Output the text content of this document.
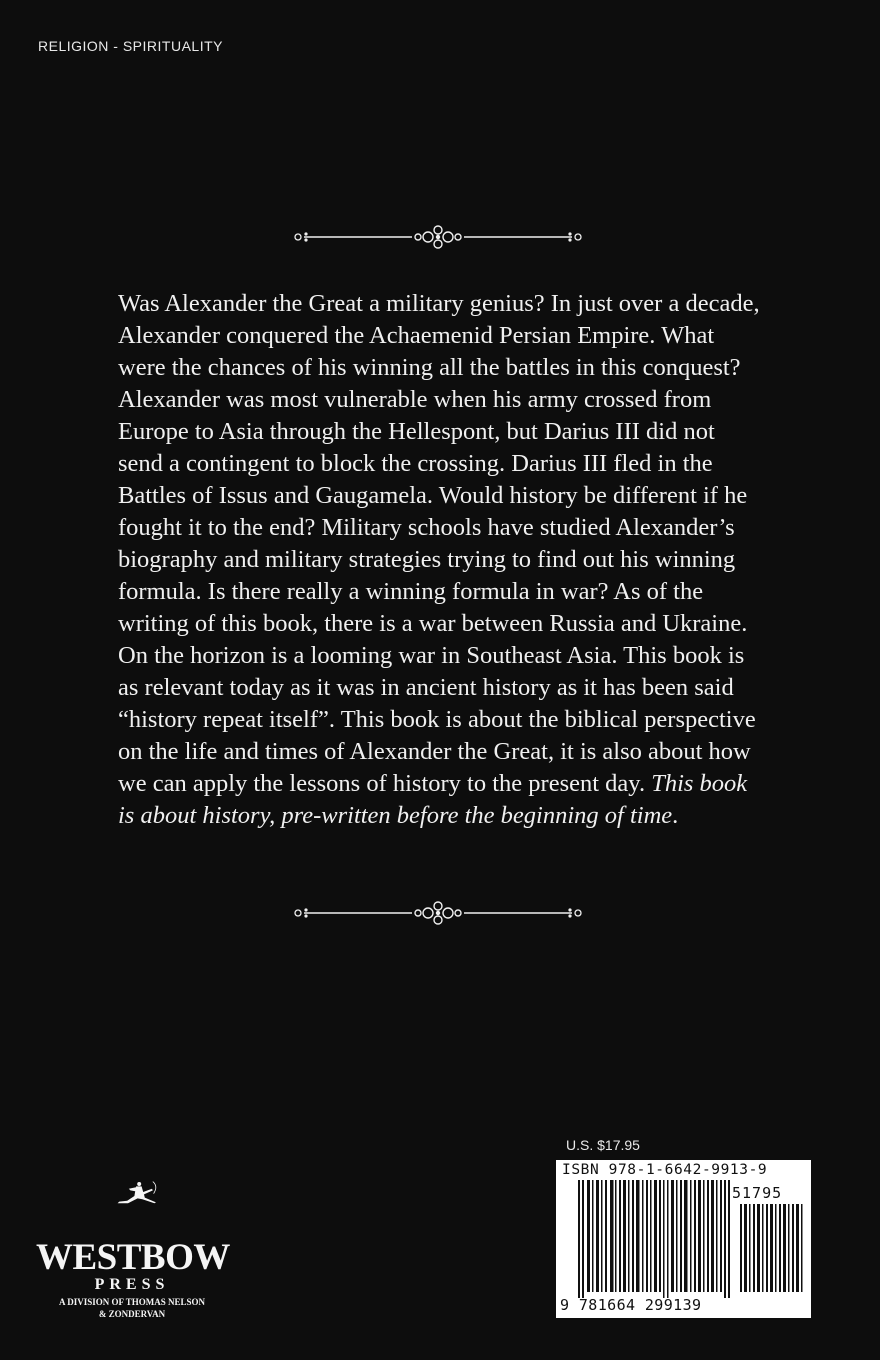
RELIGION - SPIRITUALITY

Was Alexander the Great a military genius? In just over a decade, Alexander conquered the Achaemenid Persian Empire. What were the chances of his winning all the battles in this conquest? Alexander was most vulnerable when his army crossed from Europe to Asia through the Hellespont, but Darius III did not send a contingent to block the crossing. Darius III fled in the Battles of Issus and Gaugamela. Would history be different if he fought it to the end? Military schools have studied Alexander’s biography and military strategies trying to find out his winning formula. Is there really a winning formula in war? As of the writing of this book, there is a war between Russia and Ukraine. On the horizon is a looming war in Southeast Asia. This book is as relevant today as it was in ancient history as it has been said “history repeat itself”. This book is about the biblical perspective on the life and times of Alexander the Great, it is also about how we can apply the lessons of history to the present day. This book is about history, pre-written before the beginning of time.

WESTBOW
PRESS
A DIVISION OF THOMAS NELSON
& ZONDERVAN
U.S. $17.95
ISBN 978-1-6642-9913-9
51795
9 781664 299139
